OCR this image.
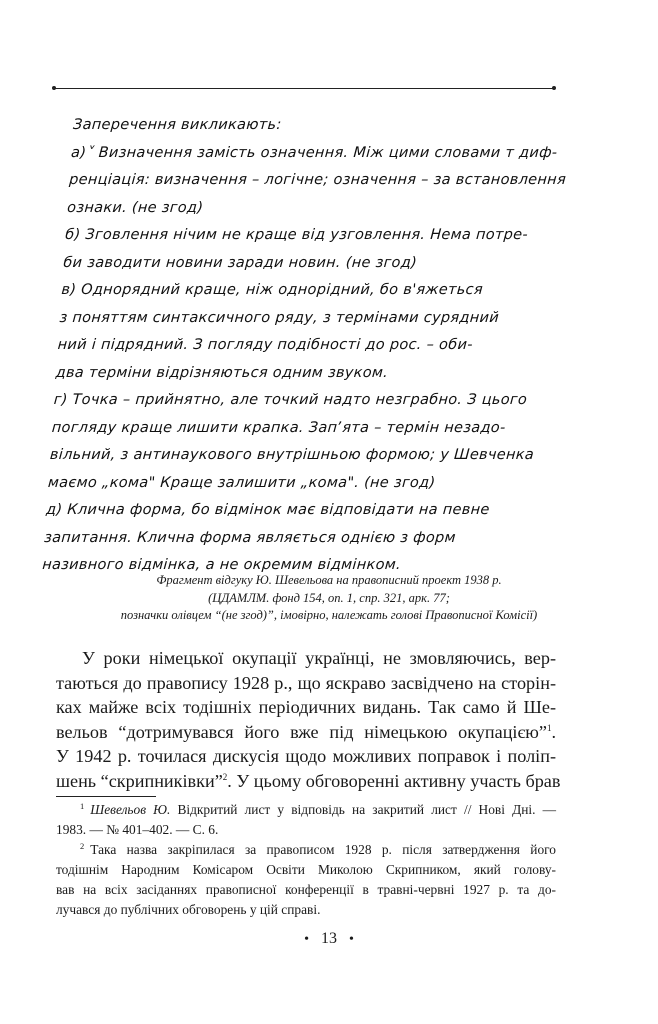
Заперечення викликають:
а)˅ Визначення замість означення. Між цими словами т диф-
ренціація: визначення – логічне; означення – за встановлення
ознаки. (не згод)
б) Зговлення нічим не краще від узговлення. Нема потре-
би заводити новини заради новин. (не згод)
в) Однорядний краще, ніж однорідний, бо в'яжеться
з поняттям синтаксичного ряду, з термінами сурядний
ний і підрядний. З погляду подібності до рос. – оби-
два терміни відрізняються одним звуком.
г) Точка – прийнятно, але точкий надто незграбно. З цього
погляду краще лишити крапка. Запʼята – термін незадо-
вільний, з антинаукового внутрішньою формою; у Шевченка
маємо „кома" Краще залишити „кома". (не згод)
д) Кличнa форма, бо відмінок має відповідати на певне
запитання. Клична форма являється однією з форм
називного відмінка, а не окремим відмінком.
Фрагмент відгуку Ю. Шевельова на правописний проект 1938 р.
(ЦДАМЛМ. фонд 154, оп. 1, спр. 321, арк. 77;
позначки олівцем “(не згод)”, імовірно, належать голові Правописної Комісії)
У роки німецької окупації українці, не змовляючись, вер-
таються до правопису 1928 р., що яскраво засвідчено на сторін-
ках майже всіх тодішніх періодичних видань. Так само й Ше-
вельов “дотримувався його вже під німецькою окупацією”$^1$.
У 1942 р. точилася дискусія щодо можливих поправок і поліп-
шень “скрипниківки”$^2$. У цьому обговоренні активну участь брав
$^1$ Шевельов Ю. Відкритий лист у відповідь на закритий лист // Нові Дні. —
1983. — № 401–402. — С. 6.
$^2$ Така назва закріпилася за правописом 1928 р. після затвердження його
тодішнім Народним Комісаром Освіти Миколою Скрипником, який голову-
вав на всіх засіданнях правописної конференції в травні-червні 1927 р. та до-
лучався до публічних обговорень у цій справі.
• 13 •
